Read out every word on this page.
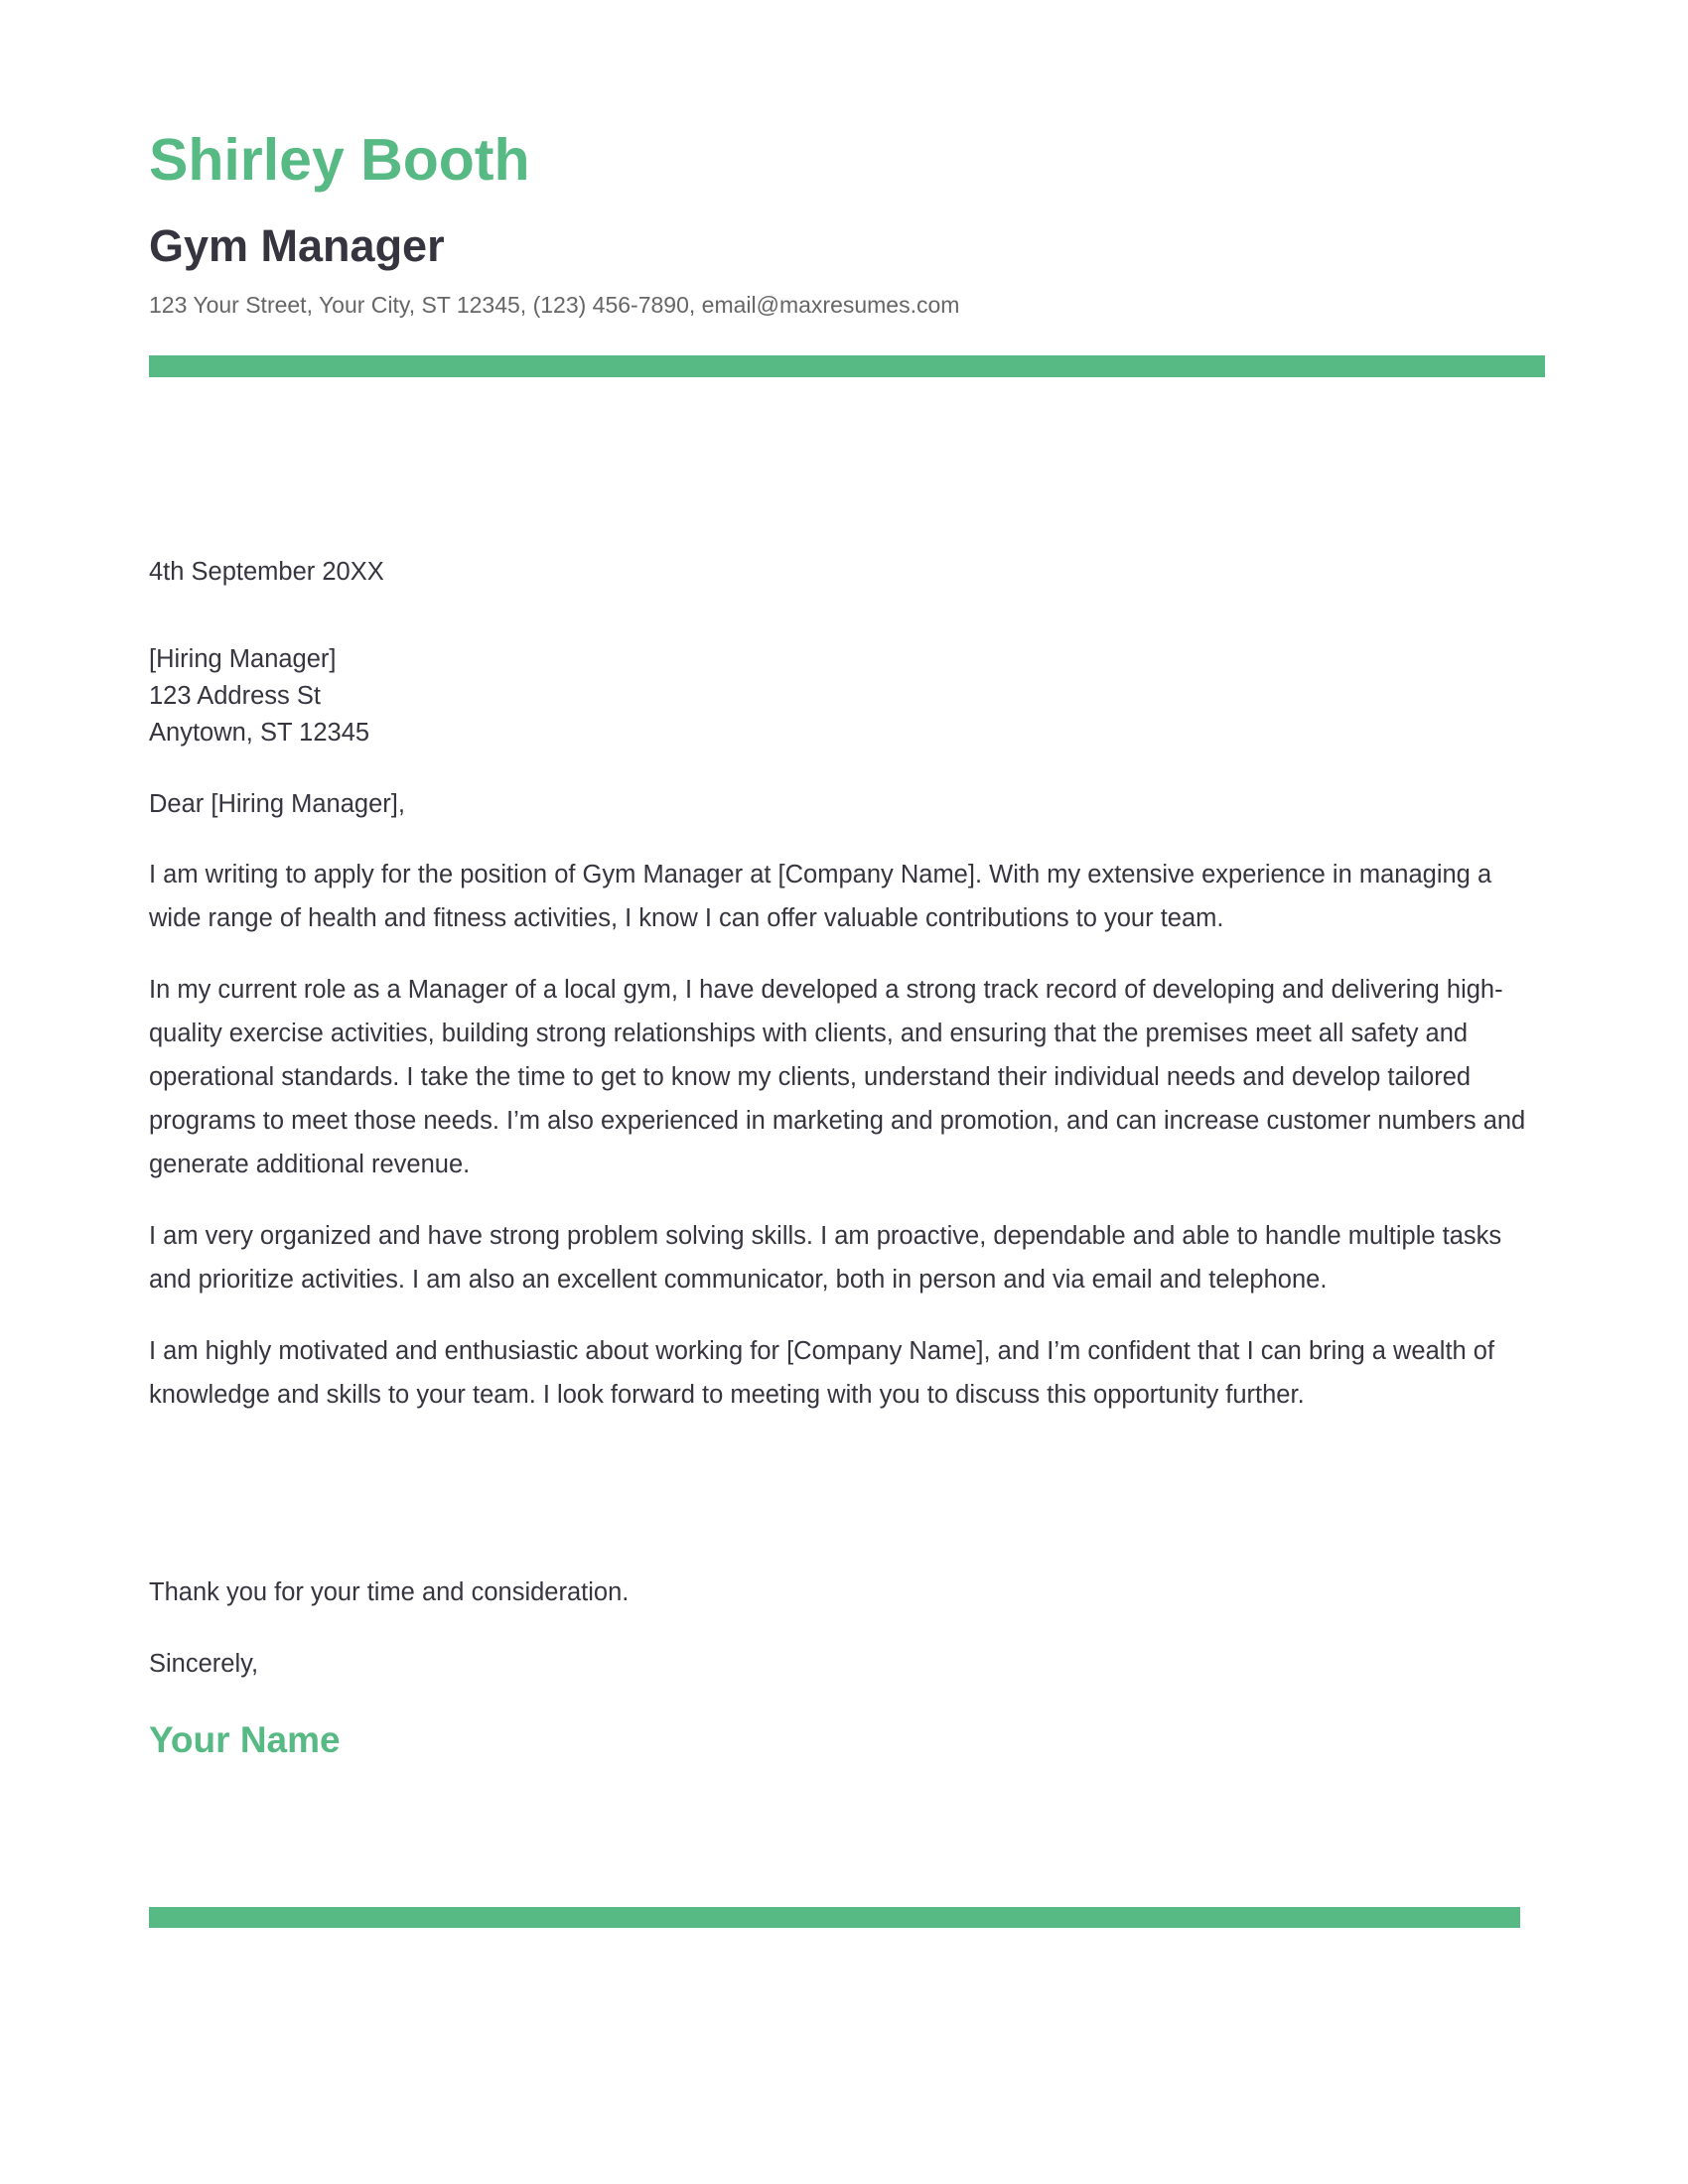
Shirley Booth
Gym Manager
123 Your Street, Your City, ST 12345, (123) 456-7890, email@maxresumes.com
4th September 20XX
[Hiring Manager]
123 Address St
Anytown, ST 12345
Dear [Hiring Manager],

I am writing to apply for the position of Gym Manager at [Company Name]. With my extensive experience in managing a wide range of health and fitness activities, I know I can offer valuable contributions to your team.

In my current role as a Manager of a local gym, I have developed a strong track record of developing and delivering high- quality exercise activities, building strong relationships with clients, and ensuring that the premises meet all safety and operational standards. I take the time to get to know my clients, understand their individual needs and develop tailored programs to meet those needs. I’m also experienced in marketing and promotion, and can increase customer numbers and generate additional revenue.

I am very organized and have strong problem solving skills. I am proactive, dependable and able to handle multiple tasks and prioritize activities. I am also an excellent communicator, both in person and via email and telephone.

I am highly motivated and enthusiastic about working for [Company Name], and I’m confident that I can bring a wealth of knowledge and skills to your team. I look forward to meeting with you to discuss this opportunity further.

Thank you for your time and consideration.
Sincerely,
Your Name
